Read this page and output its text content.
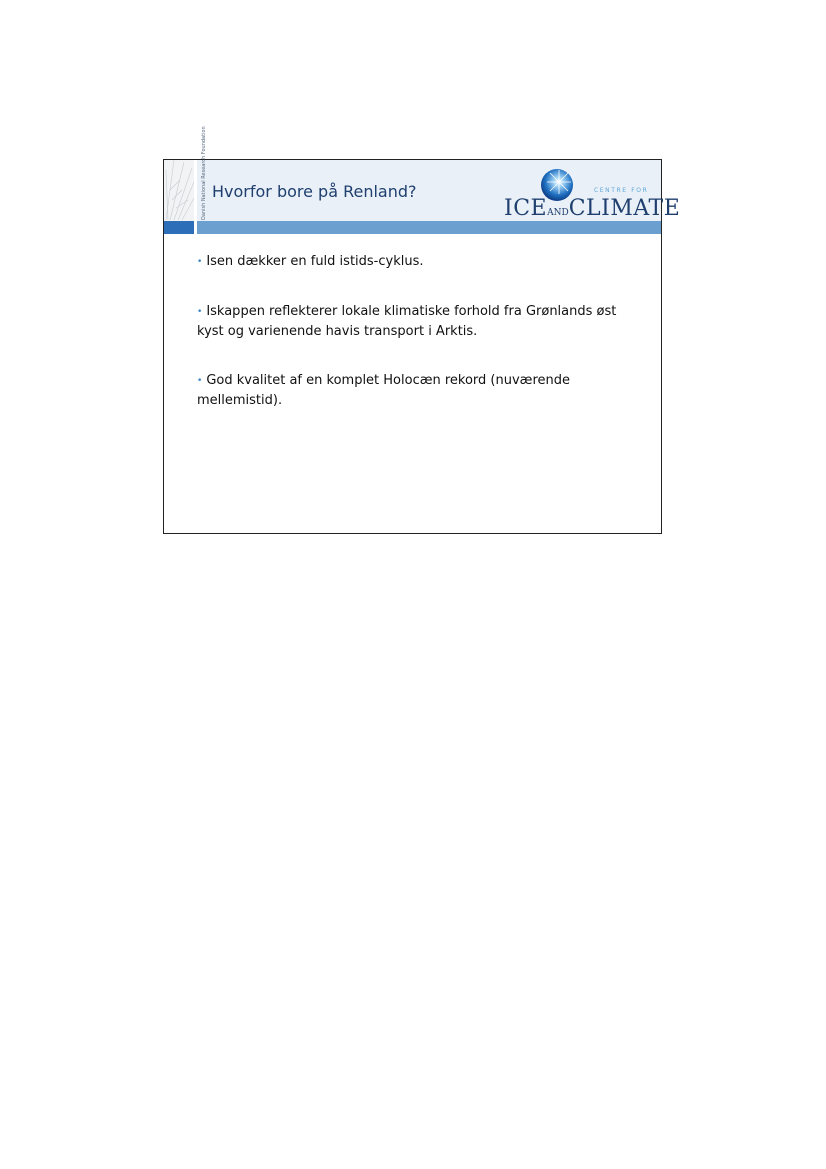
Danish National Research Foundation Hvorfor bore på Renland?	CENTRE FOR
ICEANDCLIMATE
• Isen dækker en fuld istids-cyklus.
• Iskappen reflekterer lokale klimatiske forhold fra Grønlands øst kyst og varienende havis transport i Arktis.
• God kvalitet af en komplet Holocæn rekord (nuværende mellemistid).
